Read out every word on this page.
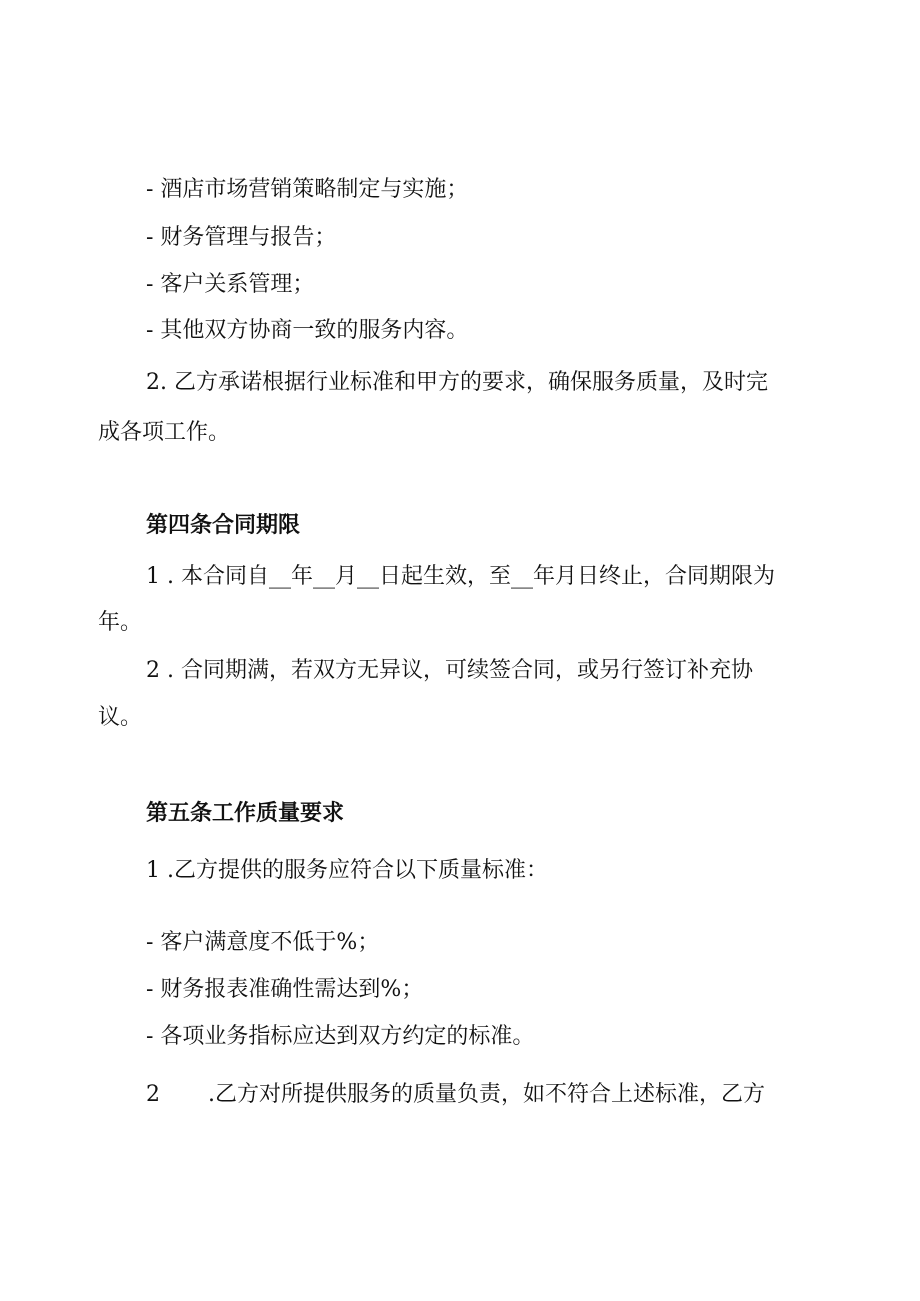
- 酒店市场营销策略制定与实施；
- 财务管理与报告；
- 客户关系管理；
- 其他双方协商一致的服务内容。
2. 乙方承诺根据行业标准和甲方的要求，确保服务质量，及时完
成各项工作。
第四条合同期限
1 . 本合同自__年__月__日起生效，至__年月日终止，合同期限为
年。
2 . 合同期满，若双方无异议，可续签合同，或另行签订补充协
议。
第五条工作质量要求
1 .乙方提供的服务应符合以下质量标准：
- 客户满意度不低于%；
- 财务报表准确性需达到%；
- 各项业务指标应达到双方约定的标准。
2 .乙方对所提供服务的质量负责，如不符合上述标准，乙方
